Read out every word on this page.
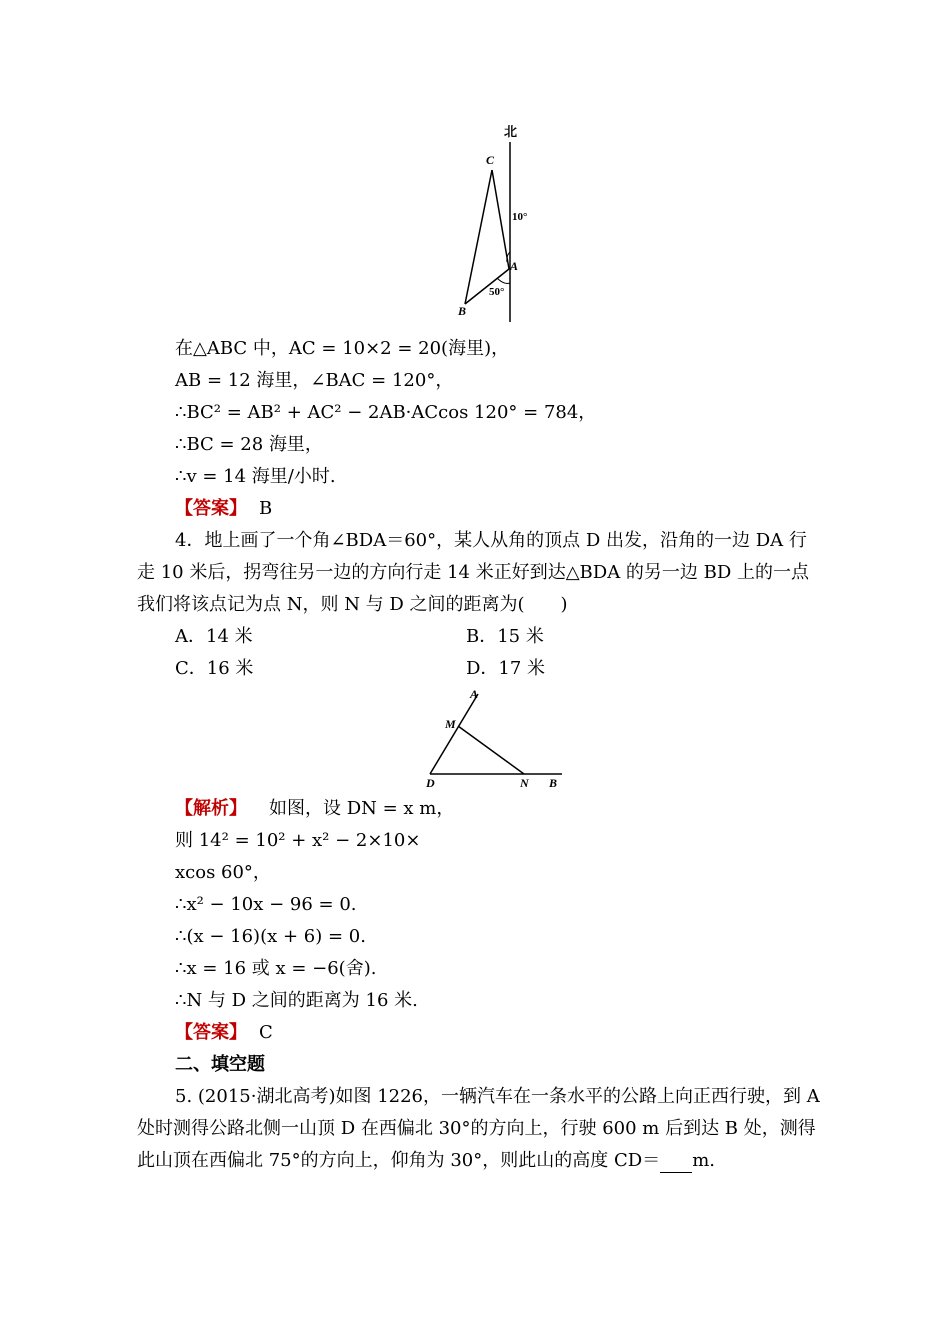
北
C
10°
A
50°
B
在△ABC 中，AC = 10×2 = 20(海里)，
AB = 12 海里，∠BAC = 120°，
∴BC² = AB² + AC² − 2AB·ACcos 120° = 784，
∴BC = 28 海里，
∴v = 14 海里/小时.
【答案】 B
4．地上画了一个角∠BDA＝60°，某人从角的顶点 D 出发，沿角的一边 DA 行
走 10 米后，拐弯往另一边的方向行走 14 米正好到达△BDA 的另一边 BD 上的一点
我们将该点记为点 N，则 N 与 D 之间的距离为(　　)
A．14 米	B．15 米
C．16 米	D．17 米
A
M
D	N B
【解析】 如图，设 DN = x m，
则 14² = 10² + x² − 2×10×
xcos 60°，
∴x² − 10x − 96 = 0.
∴(x − 16)(x + 6) = 0.
∴x = 16 或 x = −6(舍).
∴N 与 D 之间的距离为 16 米.
【答案】 C
二、填空题
5. (2015·湖北高考)如图 1226，一辆汽车在一条水平的公路上向正西行驶，到 A
处时测得公路北侧一山顶 D 在西偏北 30°的方向上，行驶 600 m 后到达 B 处，测得
此山顶在西偏北 75°的方向上，仰角为 30°，则此山的高度 CD＝ m.
